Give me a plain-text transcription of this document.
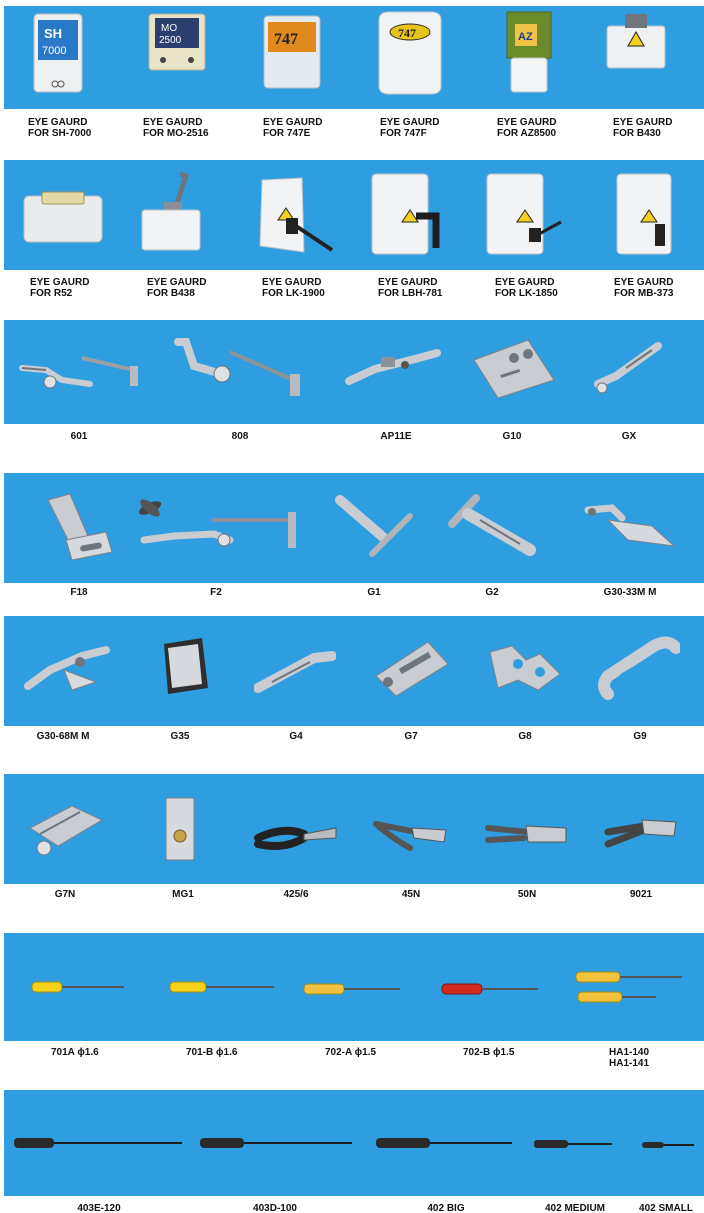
SH
7000
MO
2500	747	747	AZ
EYE GAURD
FOR SH-7000
EYE GAURD
FOR MO-2516
EYE GAURD
FOR 747E
EYE GAURD
FOR 747F
EYE GAURD
FOR AZ8500
EYE GAURD
FOR B430
EYE GAURD
FOR R52
EYE GAURD
FOR B438
EYE GAURD
FOR LK-1900
EYE GAURD
FOR LBH-781
EYE GAURD
FOR LK-1850
EYE GAURD
FOR MB-373
601	808	AP11E	G10	GX
F18	F2	G1	G2	G30-33M M
G30-68M M	G35	G4	G7	G8	G9
G7N	MG1	425/6	45N	50N	9021
701A ϕ1.6	701-B ϕ1.6	702-A ϕ1.5	702-B ϕ1.5	HA1-140
HA1-141
403E-120	403D-100	402 BIG	402 MEDIUM	402 SMALL
